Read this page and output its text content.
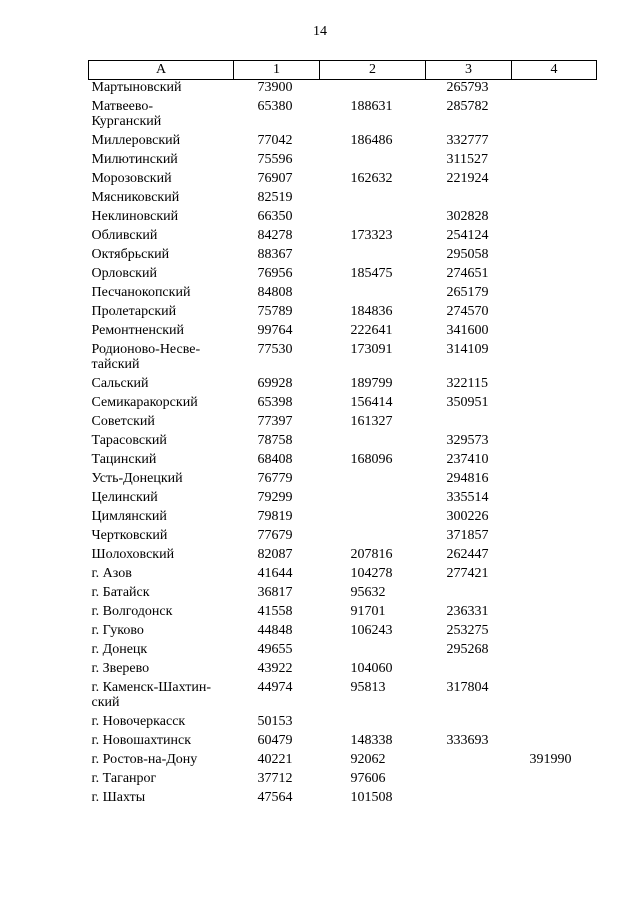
14
А	1	2	3	4
Мартыновский	73900		265793	
Матвеево-
Курганский	65380	188631	285782	
Миллеровский	77042	186486	332777	
Милютинский	75596		311527	
Морозовский	76907	162632	221924	
Мясниковский	82519			
Неклиновский	66350		302828	
Обливский	84278	173323	254124	
Октябрьский	88367		295058	
Орловский	76956	185475	274651	
Песчанокопский	84808		265179	
Пролетарский	75789	184836	274570	
Ремонтненский	99764	222641	341600	
Родионово-Несве-
тайский	77530	173091	314109	
Сальский	69928	189799	322115	
Семикаракорский	65398	156414	350951	
Советский	77397	161327		
Тарасовский	78758		329573	
Тацинский	68408	168096	237410	
Усть-Донецкий	76779		294816	
Целинский	79299		335514	
Цимлянский	79819		300226	
Чертковский	77679		371857	
Шолоховский	82087	207816	262447	
г. Азов	41644	104278	277421	
г. Батайск	36817	95632		
г. Волгодонск	41558	91701	236331	
г. Гуково	44848	106243	253275	
г. Донецк	49655		295268	
г. Зверево	43922	104060		
г. Каменск-Шахтин-
ский	44974	95813	317804	
г. Новочеркасск	50153			
г. Новошахтинск	60479	148338	333693	
г. Ростов-на-Дону	40221	92062		391990
г. Таганрог	37712	97606		
г. Шахты	47564	101508		
